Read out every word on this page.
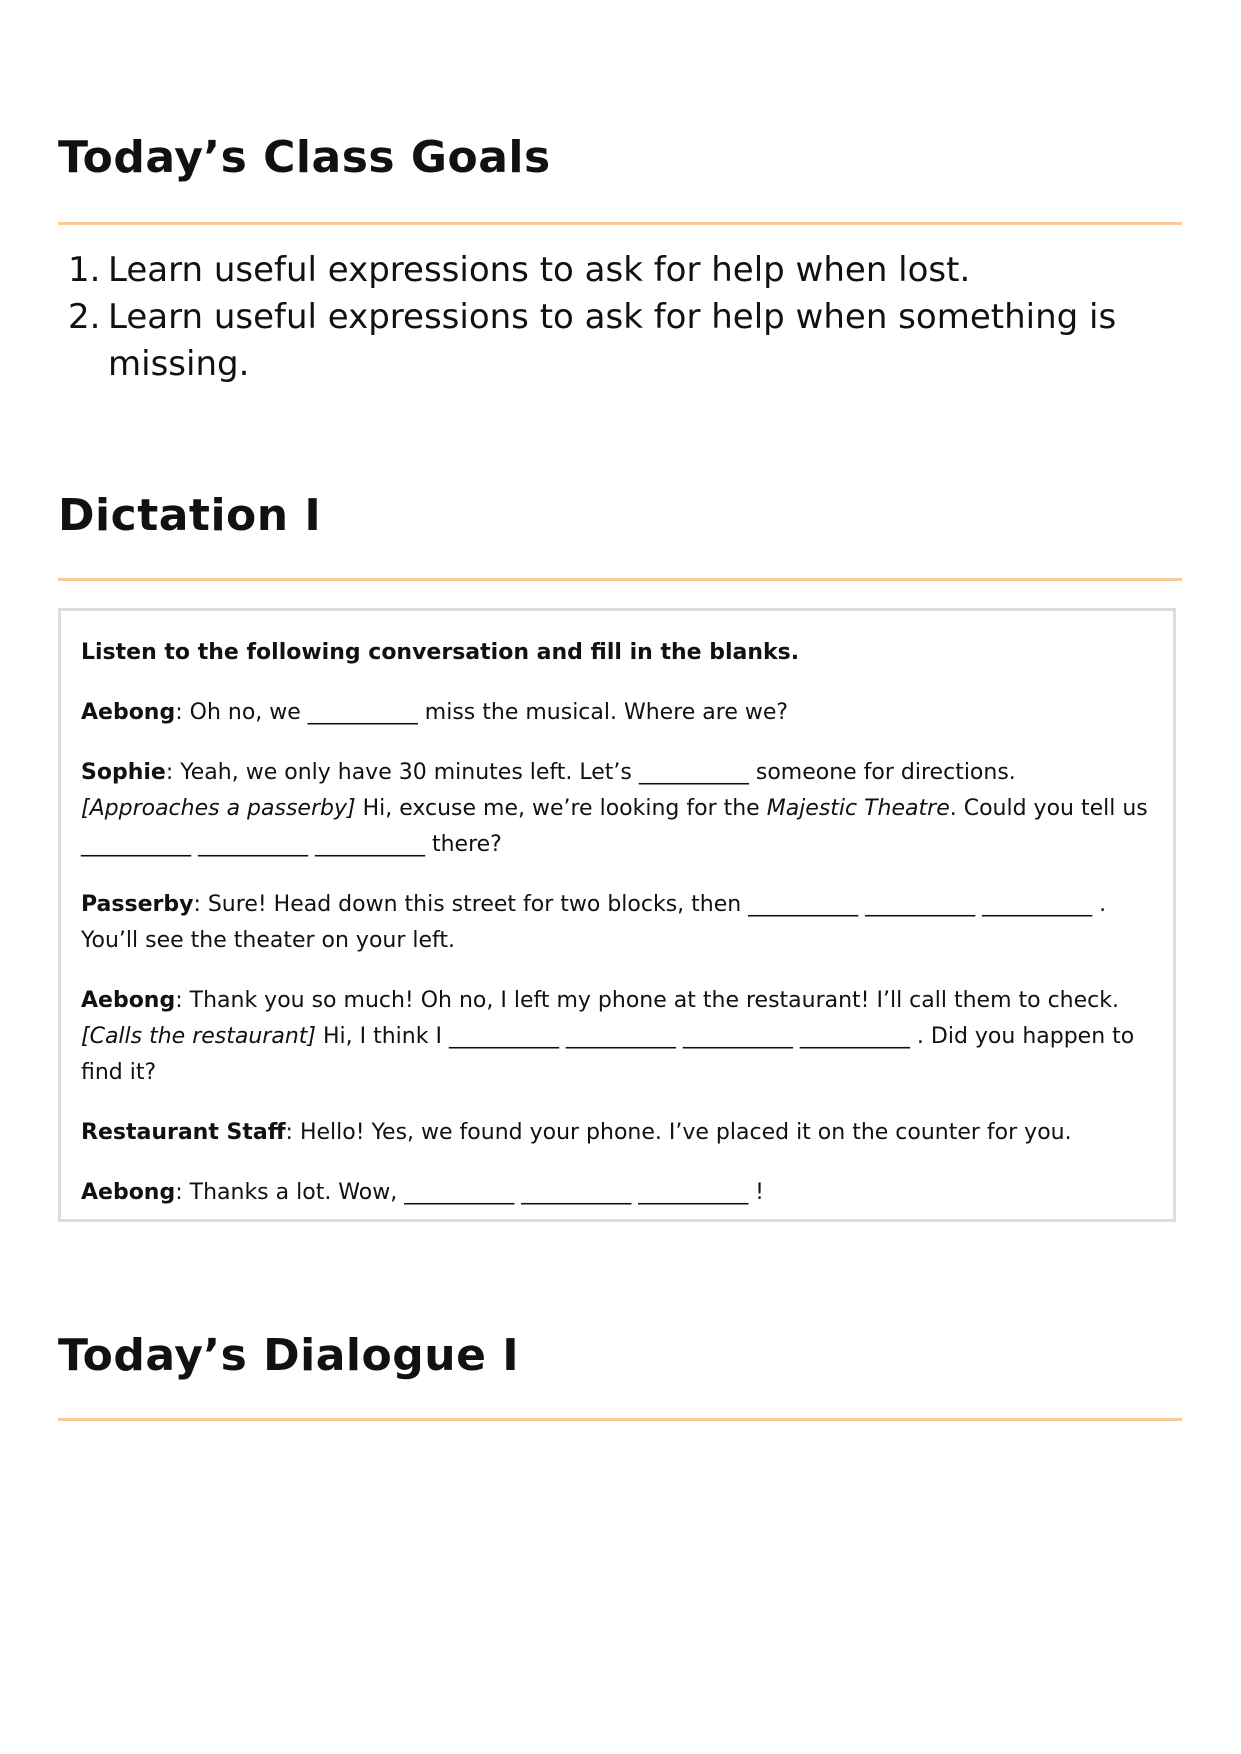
Today’s Class Goals
1. Learn useful expressions to ask for help when lost.
2. Learn useful expressions to ask for help when something is missing.
Dictation I

Listen to the following conversation and fill in the blanks.

Aebong: Oh no, we __________ miss the musical. Where are we?

Sophie: Yeah, we only have 30 minutes left. Let’s __________ someone for directions.
[Approaches a passerby] Hi, excuse me, we’re looking for the Majestic Theatre. Could you tell us __________ __________ __________ there?

Passerby: Sure! Head down this street for two blocks, then __________ __________ __________ . You’ll see the theater on your left.

Aebong: Thank you so much! Oh no, I left my phone at the restaurant! I’ll call them to check.
[Calls the restaurant] Hi, I think I __________ __________ __________ __________ . Did you happen to find it?

Restaurant Staff: Hello! Yes, we found your phone. I’ve placed it on the counter for you.

Aebong: Thanks a lot. Wow, __________ __________ __________ !

Today’s Dialogue I
